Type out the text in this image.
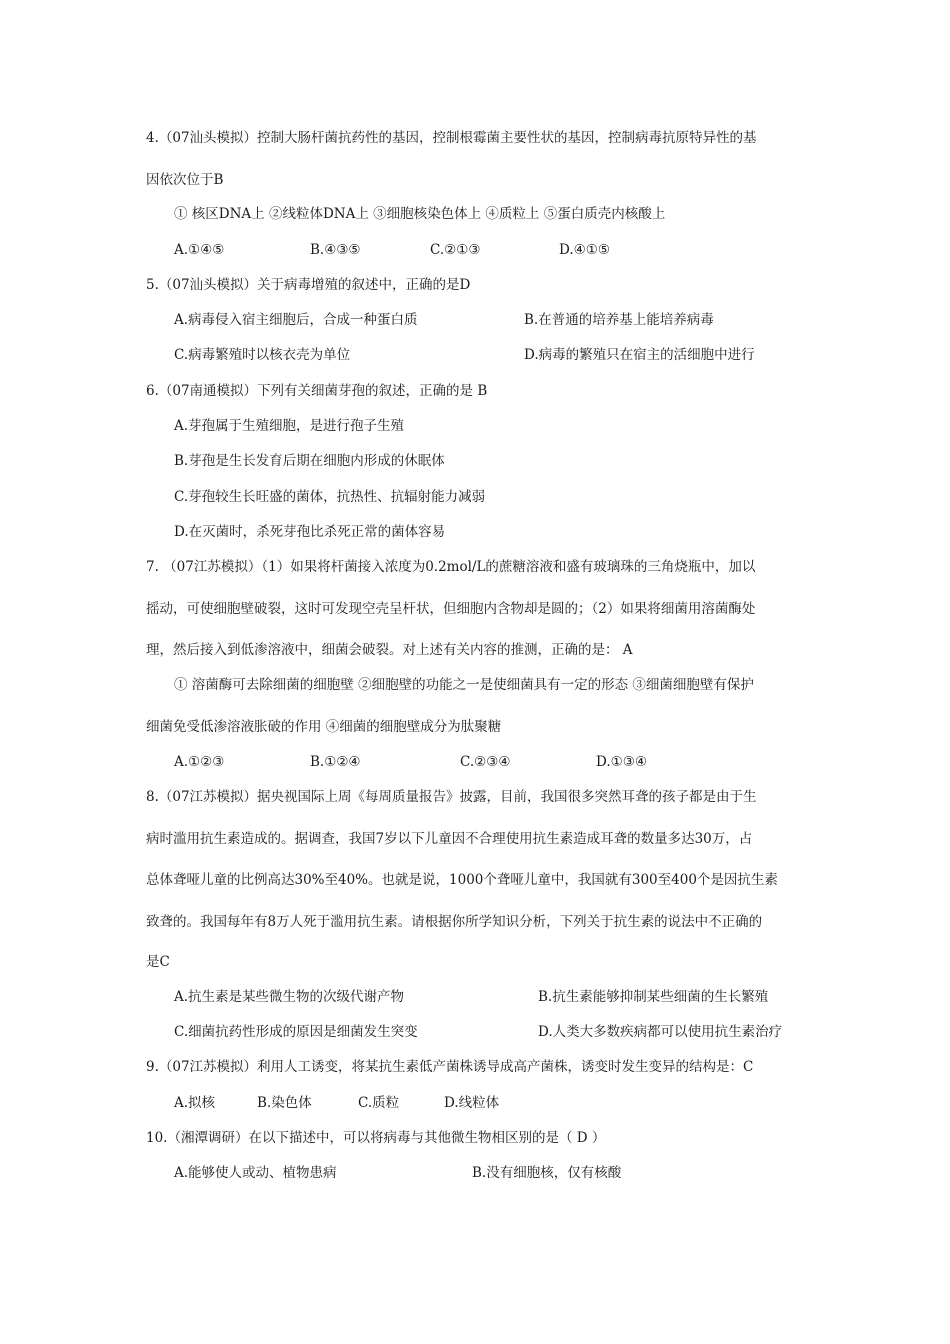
4.（07汕头模拟）控制大肠杆菌抗药性的基因，控制根霉菌主要性状的基因，控制病毒抗原特异性的基
因依次位于B
① 核区DNA上 ②线粒体DNA上 ③细胞核染色体上 ④质粒上 ⑤蛋白质壳内核酸上
A.①④⑤	B.④③⑤	C.②①③	D.④①⑤
5.（07汕头模拟）关于病毒增殖的叙述中，正确的是D
A.病毒侵入宿主细胞后，合成一种蛋白质	B.在普通的培养基上能培养病毒
C.病毒繁殖时以核衣壳为单位	D.病毒的繁殖只在宿主的活细胞中进行
6.（07南通模拟）下列有关细菌芽孢的叙述，正确的是 B
A.芽孢属于生殖细胞，是进行孢子生殖
B.芽孢是生长发育后期在细胞内形成的休眠体
C.芽孢较生长旺盛的菌体，抗热性、抗辐射能力减弱
D.在灭菌时，杀死芽孢比杀死正常的菌体容易
7. （07江苏模拟）（1）如果将杆菌接入浓度为0.2mol/L的蔗糖溶液和盛有玻璃珠的三角烧瓶中，加以
摇动，可使细胞壁破裂，这时可发现空壳呈杆状，但细胞内含物却是圆的；（2）如果将细菌用溶菌酶处
理，然后接入到低渗溶液中，细菌会破裂。对上述有关内容的推测，正确的是： A
① 溶菌酶可去除细菌的细胞壁 ②细胞壁的功能之一是使细菌具有一定的形态 ③细菌细胞壁有保护
细菌免受低渗溶液胀破的作用 ④细菌的细胞壁成分为肽聚糖
A.①②③	B.①②④	C.②③④	D.①③④
8.（07江苏模拟）据央视国际上周《每周质量报告》披露，目前，我国很多突然耳聋的孩子都是由于生
病时滥用抗生素造成的。据调查，我国7岁以下儿童因不合理使用抗生素造成耳聋的数量多达30万，占
总体聋哑儿童的比例高达30%至40%。也就是说，1000个聋哑儿童中，我国就有300至400个是因抗生素
致聋的。我国每年有8万人死于滥用抗生素。请根据你所学知识分析，下列关于抗生素的说法中不正确的
是C
A.抗生素是某些微生物的次级代谢产物	B.抗生素能够抑制某些细菌的生长繁殖
C.细菌抗药性形成的原因是细菌发生突变	D.人类大多数疾病都可以使用抗生素治疗
9.（07江苏模拟）利用人工诱变，将某抗生素低产菌株诱导成高产菌株，诱变时发生变异的结构是：C
A.拟核	B.染色体	C.质粒	D.线粒体
10.（湘潭调研）在以下描述中，可以将病毒与其他微生物相区别的是（ D ）
A.能够使人或动、植物患病	B.没有细胞核，仅有核酸
